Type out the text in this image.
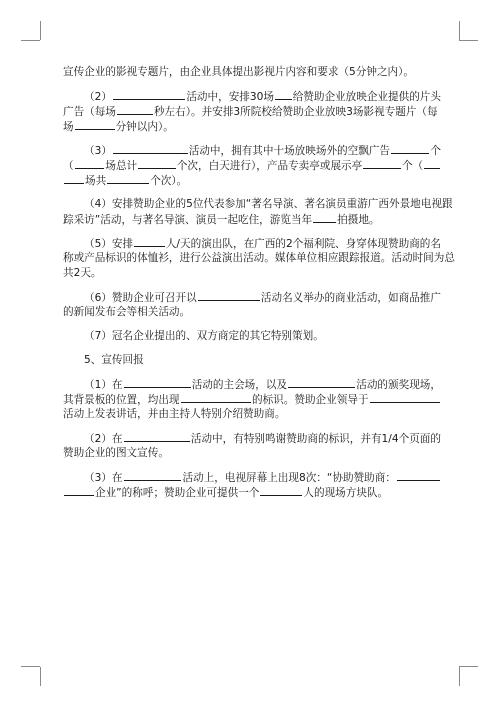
宣传企业的影视专题片，由企业具体提出影视片内容和要求（5分钟之内）。
（2）	活动中，安排30场 给赞助企业放映企业提供的片头
广告（每场	秒左右）。并安排3所院校给赞助企业放映3场影视专题片（每
场	分钟以内）。
（3）	活动中，拥有其中十场放映场外的空飘广告	个
（	场总计	个次，白天进行），产品专卖亭或展示亭	个（
场共	个次）。
（4）安排赞助企业的5位代表参加“著名导演、著名演员重游广西外景地电视跟
踪采访”活动，与著名导演、演员一起吃住，游览当年 拍摄地。
（5）安排	人/天的演出队，在广西的2个福利院、身穿体现赞助商的名
称或产品标识的体恤衫，进行公益演出活动。媒体单位相应跟踪报道。活动时间为总
共2天。
（6）赞助企业可召开以	活动名义举办的商业活动，如商品推广
的新闻发布会等相关活动。
（7）冠名企业提出的、双方商定的其它特别策划。
5、宣传回报
（1）在	活动的主会场，以及	活动的颁奖现场，
其背景板的位置，均出现	的标识。赞助企业领导于
活动上发表讲话，并由主持人特别介绍赞助商。
（2）在	活动中，有特别鸣谢赞助商的标识，并有1/4个页面的
赞助企业的图文宣传。
（3）在	活动上，电视屏幕上出现8次：“协助赞助商：
企业”的称呼；赞助企业可提供一个	人的现场方块队。
